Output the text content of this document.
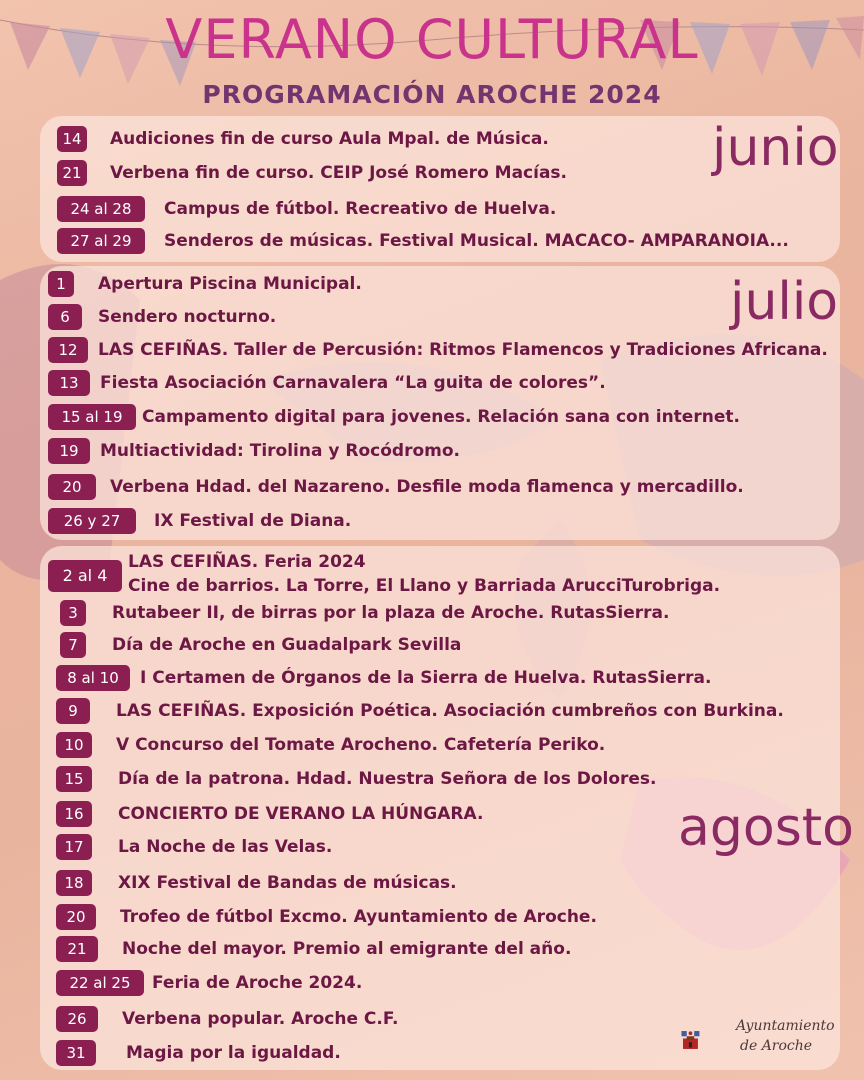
VERANO CULTURAL
PROGRAMACIÓN AROCHE 2024
junio
14	Audiciones fin de curso Aula Mpal. de Música.
21	Verbena fin de curso. CEIP José Romero Macías.
24 al 28	Campus de fútbol. Recreativo de Huelva.
27 al 29	Senderos de músicas. Festival Musical. MACACO- AMPARANOIA...
julio
1	Apertura Piscina Municipal.
6	Sendero nocturno.
12	LAS CEFIÑAS. Taller de Percusión: Ritmos Flamencos y Tradiciones Africana.
13	Fiesta Asociación Carnavalera “La guita de colores”.
15 al 19	Campamento digital para jovenes. Relación sana con internet.
19	Multiactividad: Tirolina y Rocódromo.
20	Verbena Hdad. del Nazareno. Desfile moda flamenca y mercadillo.
26 y 27	IX Festival de Diana.
agosto
2 al 4
LAS CEFIÑAS. Feria 2024
Cine de barrios. La Torre, El Llano y Barriada ArucciTurobriga.
3	Rutabeer II, de birras por la plaza de Aroche. RutasSierra.
7	Día de Aroche en Guadalpark Sevilla
8 al 10	I Certamen de Órganos de la Sierra de Huelva. RutasSierra.
9	LAS CEFIÑAS. Exposición Poética. Asociación cumbreños con Burkina.
10	V Concurso del Tomate Arocheno. Cafetería Periko.
15	Día de la patrona. Hdad. Nuestra Señora de los Dolores.
16	CONCIERTO DE VERANO LA HÚNGARA.
17	La Noche de las Velas.
18	XIX Festival de Bandas de músicas.
20	Trofeo de fútbol Excmo. Ayuntamiento de Aroche.
21	Noche del mayor. Premio al emigrante del año.
22 al 25	Feria de Aroche 2024.
26	Verbena popular. Aroche C.F.
31	Magia por la igualdad.
Ayuntamiento
de Aroche
